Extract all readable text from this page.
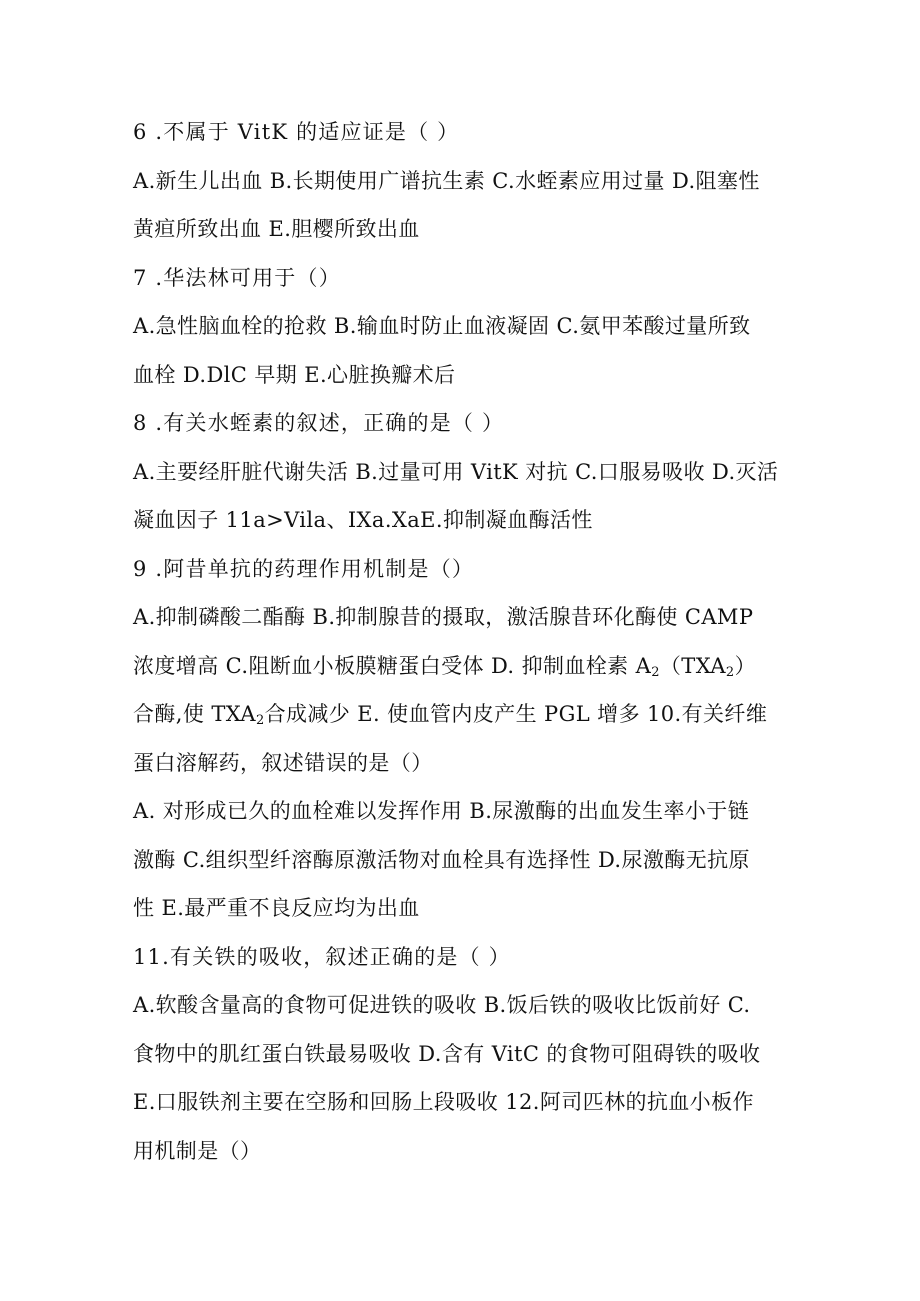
6 .不属于 VitK 的适应证是（ ）
A.新生儿出血 B.长期使用广谱抗生素 C.水蛭素应用过量 D.阻塞性
黄疸所致出血 E.胆樱所致出血
7 .华法林可用于（）
A.急性脑血栓的抢救 B.输血时防止血液凝固 C.氨甲苯酸过量所致
血栓 D.DlC 早期 E.心脏换瓣术后
8 .有关水蛭素的叙述，正确的是（ ）
A.主要经肝脏代谢失活 B.过量可用 VitK 对抗 C.口服易吸收 D.灭活
凝血因子 11a>Vila、IXa.XaE.抑制凝血酶活性
9 .阿昔单抗的药理作用机制是（）
A.抑制磷酸二酯酶 B.抑制腺昔的摄取，激活腺昔环化酶使 CAMP
浓度增高 C.阻断血小板膜糖蛋白受体 D. 抑制血栓素 $A_2(TXA_2)$
合酶,使 $TXA_2$合成减少 E. 使血管内皮产生 PGL 增多 10.有关纤维
蛋白溶解药，叙述错误的是（）
A. 对形成已久的血栓难以发挥作用 B.尿激酶的出血发生率小于链
激酶 C.组织型纤溶酶原激活物对血栓具有选择性 D.尿激酶无抗原
性 E.最严重不良反应均为出血
11.有关铁的吸收，叙述正确的是（ ）
A.软酸含量高的食物可促进铁的吸收 B.饭后铁的吸收比饭前好 C.
食物中的肌红蛋白铁最易吸收 D.含有 VitC 的食物可阻碍铁的吸收
E.口服铁剂主要在空肠和回肠上段吸收 12.阿司匹林的抗血小板作
用机制是（）
